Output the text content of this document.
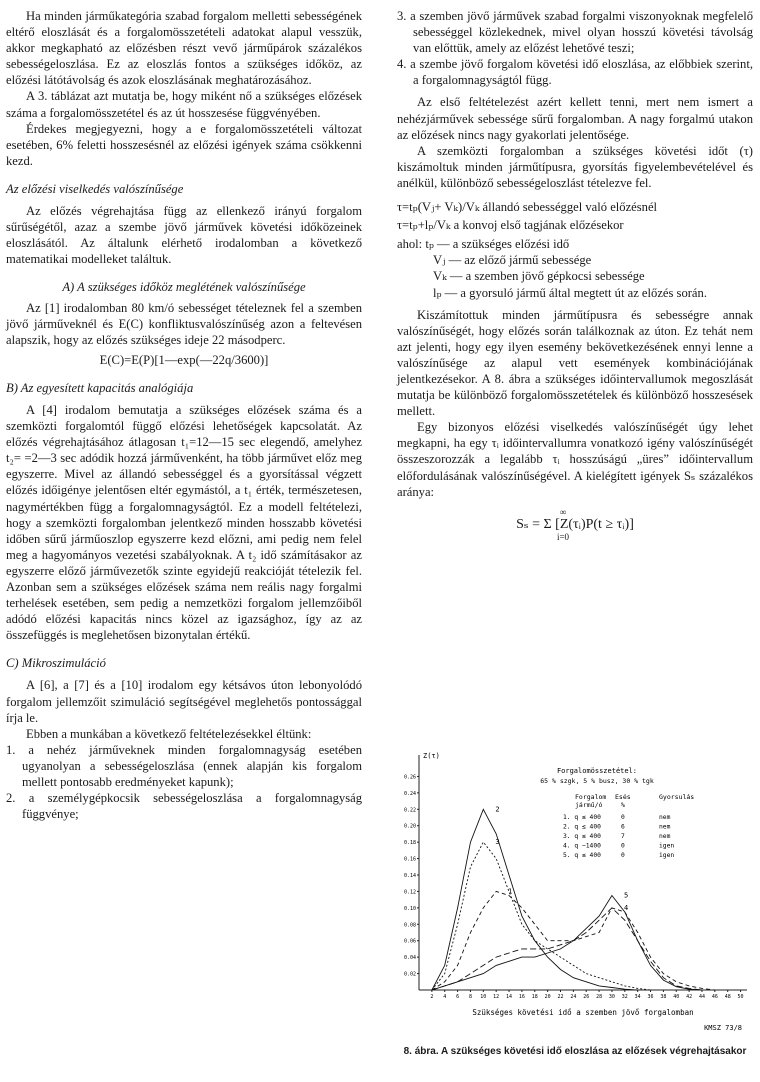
Ha minden járműkategória szabad forgalom melletti sebességének eltérő eloszlását és a forgalomösszetételi adatokat alapul vesszük, akkor megkapható az előzésben részt vevő járműpárok százalékos sebességeloszlása. Ez az eloszlás fontos a szükséges időköz, az előzési látótávolság és azok eloszlásának meghatározásához.

A 3. táblázat azt mutatja be, hogy miként nő a szükséges előzések száma a forgalomösszetétel és az út hosszesése függvényében.

Érdekes megjegyezni, hogy a e forgalomösszetételi változat esetében, 6% feletti hosszesésnél az előzési igények száma csökkenni kezd.

Az előzési viselkedés valószínűsége

Az előzés végrehajtása függ az ellenkező irányú forgalom sűrűségétől, azaz a szembe jövő járművek követési időközeinek eloszlásától. Az általunk elérhető irodalomban a következő matematikai modelleket találtuk.

A) A szükséges időköz meglétének valószínűsége

Az [1] irodalomban 80 km/ó sebességet tételeznek fel a szemben jövő járműveknél és E(C) konfliktusvalószínűség azon a feltevésen alapszik, hogy az előzés szükséges ideje 22 másodperc.

E(C)=E(P)[1—exp(—22q/3600)]
B) Az egyesített kapacitás analógiája

A [4] irodalom bemutatja a szükséges előzések száma és a szemközti forgalomtól függő előzési lehetőségek kapcsolatát. Az előzés végrehajtásához átlagosan t₁=12—15 sec elegendő, amelyhez t₂= =2—3 sec adódik hozzá járművenként, ha több járművet előz meg egyszerre. Mivel az állandó sebességgel és a gyorsítással végzett előzés időigénye jelentősen eltér egymástól, a t₁ érték, természetesen, nagymértékben függ a forgalomnagyságtól. Ez a modell feltételezi, hogy a szemközti forgalomban jelentkező minden hosszabb követési időben sűrű járműoszlop egyszerre kezd előzni, ami pedig nem felel meg a hagyományos vezetési szabályoknak. A t₂ idő számításakor az egyszerre előző járművezetők szinte egyidejű reakcióját tételezik fel. Azonban sem a szükséges előzések száma nem reális nagy forgalmi terhelések esetében, sem pedig a nemzetközi forgalom jellemzőiből adódó előzési kapacitás nincs közel az igazsághoz, így az az összefüggés is meglehetősen bizonytalan értékű.

C) Mikroszimuláció

A [6], a [7] és a [10] irodalom egy kétsávos úton lebonyolódó forgalom jellemzőit szimuláció segítségével meglehetős pontossággal írja le.

Ebben a munkában a következő feltételezésekkel éltünk:

1. a nehéz járműveknek minden forgalomnagyság esetében ugyanolyan a sebességeloszlása (ennek alapján kis forgalom mellett pontosabb eredményeket kapunk);

2. a személygépkocsik sebességeloszlása a forgalomnagyság függvénye;

3. a szemben jövő járművek szabad forgalmi viszonyoknak megfelelő sebességgel közlekednek, mivel olyan hosszú követési távolság van előttük, amely az előzést lehetővé teszi;

4. a szembe jövő forgalom követési idő eloszlása, az előbbiek szerint, a forgalomnagyságtól függ.

Az első feltételezést azért kellett tenni, mert nem ismert a nehézjárművek sebessége sűrű forgalomban. A nagy forgalmú utakon az előzések nincs nagy gyakorlati jelentősége.

A szemközti forgalomban a szükséges követési időt (τ) kiszámoltuk minden járműtípusra, gyorsítás figyelembevételével és anélkül, különböző sebességeloszlást tételezve fel.

τ=tₚ(Vⱼ+ Vₖ)/Vₖ állandó sebességgel való előzésnél

τ=tₚ+lₚ/Vₖ a konvoj első tagjának előzésekor

ahol: tₚ — a szükséges előzési idő
Vⱼ — az előző jármű sebessége
Vₖ — a szemben jövő gépkocsi sebessége
lₚ — a gyorsuló jármű által megtett út az előzés során.

Kiszámítottuk minden járműtípusra és sebességre annak valószínűségét, hogy előzés során találkoznak az úton. Ez tehát nem azt jelenti, hogy egy ilyen esemény bekövetkezésének ennyi lenne a valószínűsége az alapul vett események kombinációjának jelentkezésekor. A 8. ábra a szükséges időintervallumok megoszlását mutatja be különböző forgalomösszetételek és különböző hosszesések mellett.

Egy bizonyos előzési viselkedés valószínűségét úgy lehet megkapni, ha egy τᵢ időintervallumra vonatkozó igény valószínűségét összeszorozzák a legalább τᵢ hosszúságú „üres” időintervallum előfordulásának valószínűségével. A kielégített igények Sₛ százalékos aránya:

∞
Sₛ = Σ [Z(τᵢ)P(t ≥ τᵢ)]
i=0
Z(τ)
Szükséges követési idő a szemben jövő forgalomban
KMSZ 73/8
0.26
0.24
0.22
0.20
0.18
0.16
0.14
0.12
0.10
0.08
0.06
0.04
0.02
2 4 6 8 10 12 14 16 18 20 22 24 26 28 30 32 34 36 38 40 42 44 46 48 50
1
2
3
4
5
Forgalomösszetétel:
65 % szgk, 5 % busz, 30 % tgk
Forgalom
jármű/ó
Esés
%
Gyorsulás
1. q ≤ 400	0	nem
2. q ≤ 400	6	nem
3. q ≤ 400	7	nem
4. q ~1400	0	igen
5. q ≤ 400	0	igen
8. ábra. A szükséges követési idő eloszlása az előzések végrehajtásakor
